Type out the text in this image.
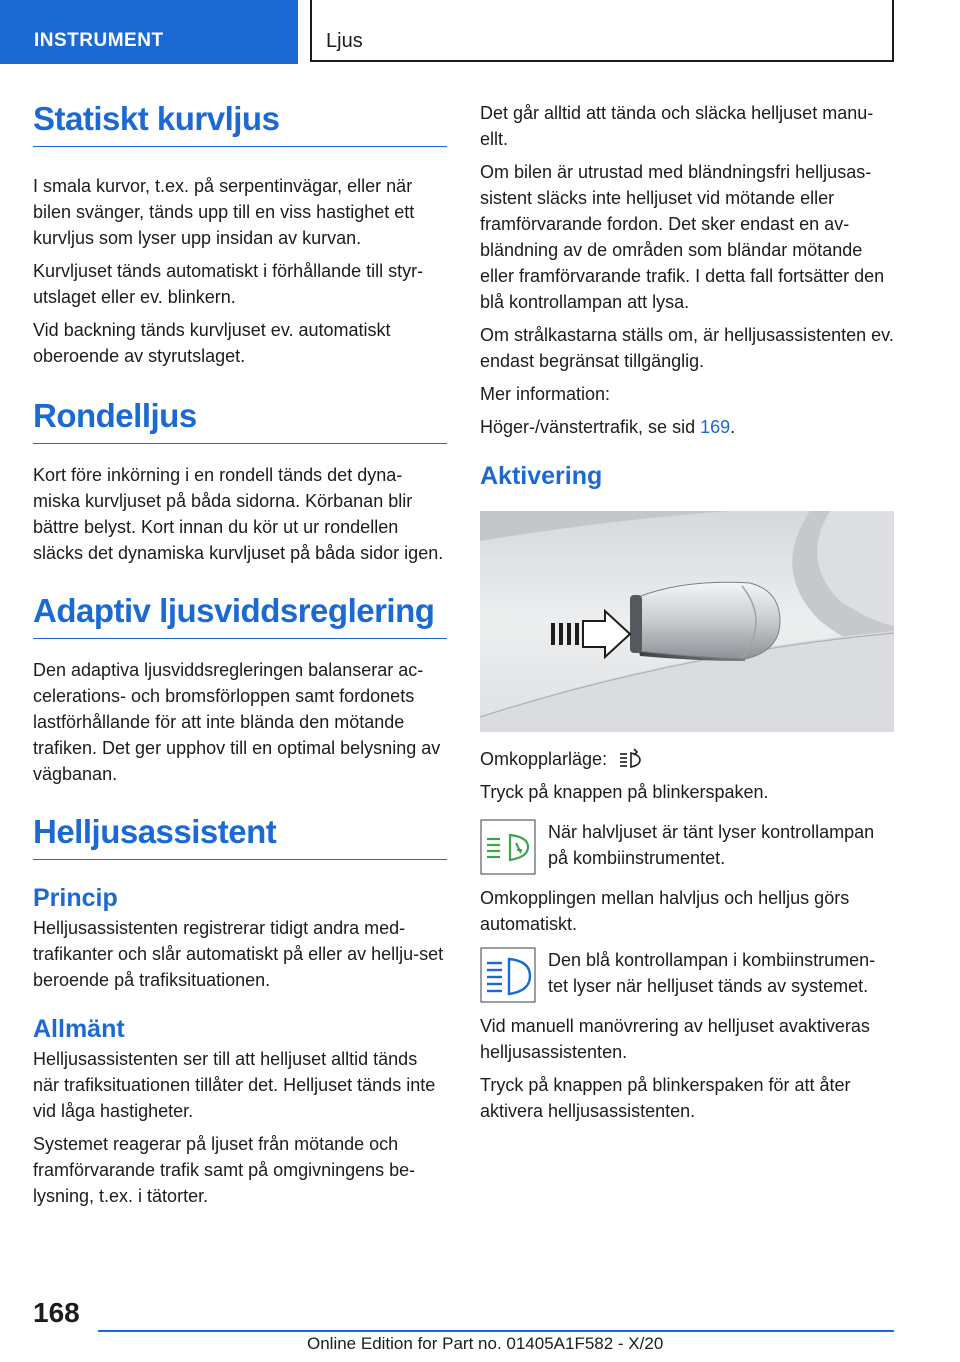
INSTRUMENT	Ljus
Statiskt kurvljus

I smala kurvor, t.ex. på serpentinvägar, eller när bilen svänger, tänds upp till en viss hastighet ett kurvljus som lyser upp insidan av kurvan.

Kurvljuset tänds automatiskt i förhållande till styr-utslaget eller ev. blinkern.

Vid backning tänds kurvljuset ev. automatiskt oberoende av styrutslaget.

Rondelljus

Kort före inkörning i en rondell tänds det dyna-miska kurvljuset på båda sidorna. Körbanan blir bättre belyst. Kort innan du kör ut ur rondellen släcks det dynamiska kurvljuset på båda sidor igen.

Adaptiv ljusviddsreglering

Den adaptiva ljusviddsregleringen balanserar ac-celerations- och bromsförloppen samt fordonets lastförhållande för att inte blända den mötande trafiken. Det ger upphov till en optimal belysning av vägbanan.

Helljusassistent
Princip

Helljusassistenten registrerar tidigt andra med-trafikanter och slår automatiskt på eller av hellju-set beroende på trafiksituationen.

Allmänt

Helljusassistenten ser till att helljuset alltid tänds när trafiksituationen tillåter det. Helljuset tänds inte vid låga hastigheter.

Systemet reagerar på ljuset från mötande och framförvarande trafik samt på omgivningens be-lysning, t.ex. i tätorter.

Det går alltid att tända och släcka helljuset manu-ellt.

Om bilen är utrustad med bländningsfri helljusas-sistent släcks inte helljuset vid mötande eller framförvarande fordon. Det sker endast en av-bländning av de områden som bländar mötande eller framförvarande trafik. I detta fall fortsätter den blå kontrollampan att lysa.

Om strålkastarna ställs om, är helljusassistenten ev. endast begränsat tillgänglig.

Mer information:

Höger-/vänstertrafik, se sid 169.

Aktivering

Omkopplarläge:

Tryck på knappen på blinkerspaken.

När halvljuset är tänt lyser kontrollampan på kombiinstrumentet.

Omkopplingen mellan halvljus och helljus görs automatiskt.

Den blå kontrollampan i kombiinstrumen-tet lyser när helljuset tänds av systemet.

Vid manuell manövrering av helljuset avaktiveras helljusassistenten.

Tryck på knappen på blinkerspaken för att åter aktivera helljusassistenten.

168
Online Edition for Part no. 01405A1F582 - X/20
